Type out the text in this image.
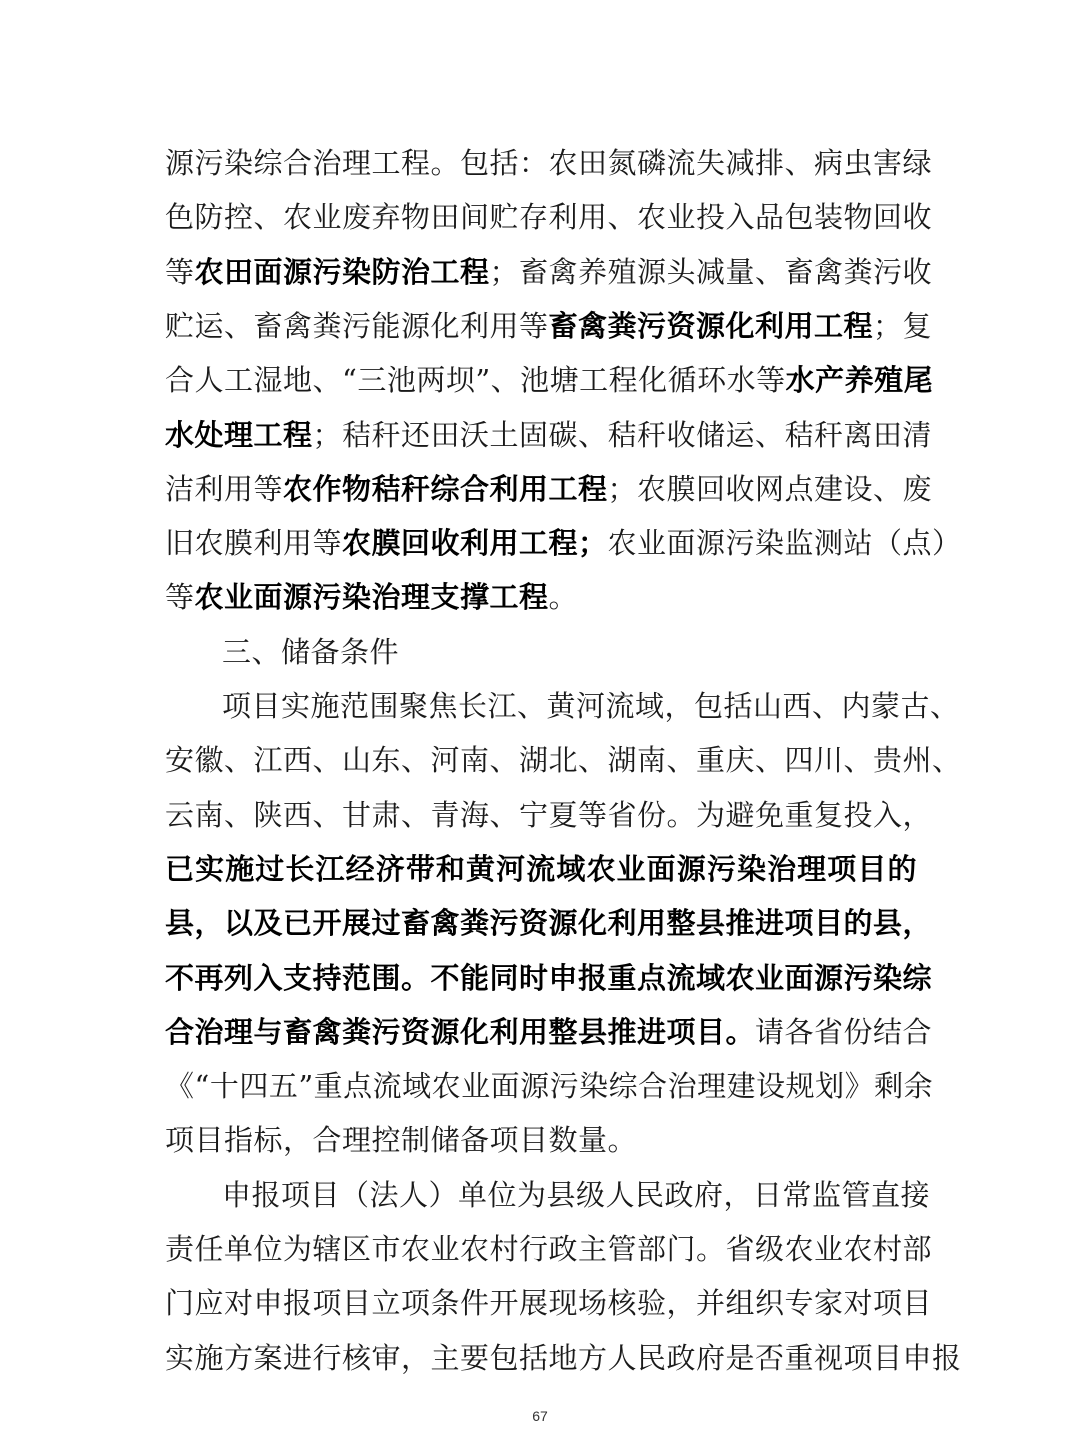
源污染综合治理工程。包括：农田氮磷流失减排、病虫害绿
色防控、农业废弃物田间贮存利用、农业投入品包装物回收
等农田面源污染防治工程；畜禽养殖源头减量、畜禽粪污收
贮运、畜禽粪污能源化利用等畜禽粪污资源化利用工程；复
合人工湿地、“三池两坝”、池塘工程化循环水等水产养殖尾
水处理工程；秸秆还田沃土固碳、秸秆收储运、秸秆离田清
洁利用等农作物秸秆综合利用工程；农膜回收网点建设、废
旧农膜利用等农膜回收利用工程；农业面源污染监测站（点）
等农业面源污染治理支撑工程。
三、储备条件
项目实施范围聚焦长江、黄河流域，包括山西、内蒙古、
安徽、江西、山东、河南、湖北、湖南、重庆、四川、贵州、
云南、陕西、甘肃、青海、宁夏等省份。为避免重复投入，
已实施过长江经济带和黄河流域农业面源污染治理项目的
县，以及已开展过畜禽粪污资源化利用整县推进项目的县，
不再列入支持范围。不能同时申报重点流域农业面源污染综
合治理与畜禽粪污资源化利用整县推进项目。请各省份结合
《“十四五”重点流域农业面源污染综合治理建设规划》剩余
项目指标，合理控制储备项目数量。
申报项目（法人）单位为县级人民政府，日常监管直接
责任单位为辖区市农业农村行政主管部门。省级农业农村部
门应对申报项目立项条件开展现场核验，并组织专家对项目
实施方案进行核审，主要包括地方人民政府是否重视项目申报
67
